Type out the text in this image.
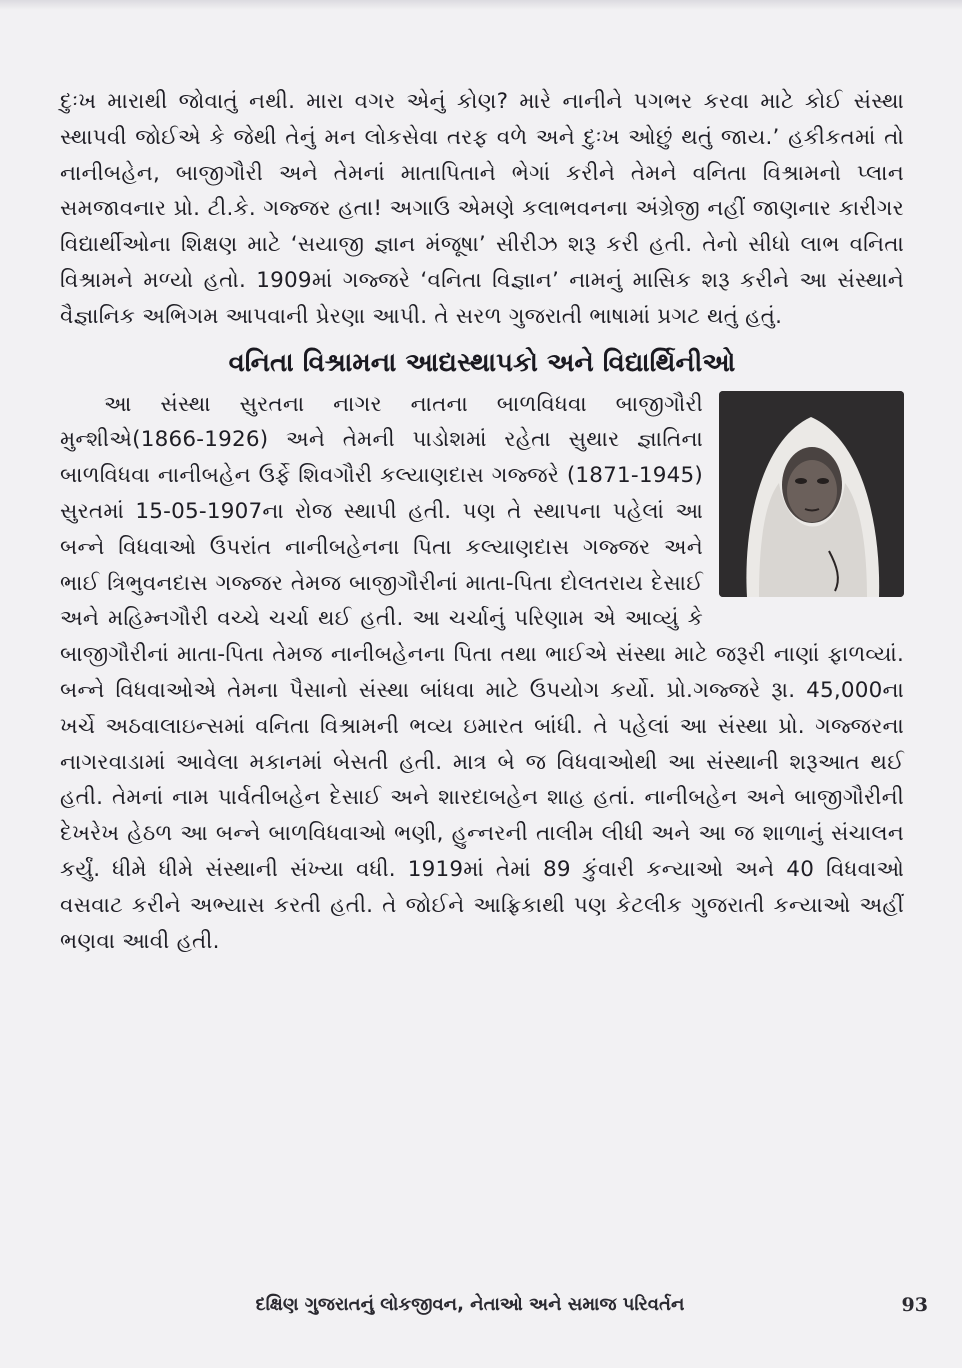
દુઃખ મારાથી જોવાતું નથી. મારા વગર એનું કોણ? મારે નાનીને પગભર કરવા માટે કોઈ સંસ્થા સ્થાપવી જોઈએ કે જેથી તેનું મન લોકસેવા તરફ વળે અને દુઃખ ઓછું થતું જાય.’ હકીકતમાં તો નાનીબહેન, બાજીગૌરી અને તેમનાં માતાપિતાને ભેગાં કરીને તેમને વનિતા વિશ્રામનો પ્લાન સમજાવનાર પ્રો. ટી.કે. ગજ્જર હતા! અગાઉ એમણે કલાભવનના અંગ્રેજી નહીં જાણનાર કારીગર વિદ્યાર્થીઓના શિક્ષણ માટે ‘સયાજી જ્ઞાન મંજૂષા’ સીરીઝ શરૂ કરી હતી. તેનો સીધો લાભ વનિતા વિશ્રામને મળ્યો હતો. 1909માં ગજ્જરે ‘વનિતા વિજ્ઞાન’ નામનું માસિક શરૂ કરીને આ સંસ્થાને વૈજ્ઞાનિક અભિગમ આપવાની પ્રેરણા આપી. તે સરળ ગુજરાતી ભાષામાં પ્રગટ થતું હતું.

વનિતા વિશ્રામના આદ્યસ્થાપકો અને વિદ્યાર્થિનીઓ

આ સંસ્થા સુરતના નાગર નાતના બાળવિધવા બાજીગૌરી મુન્શીએ(1866-1926) અને તેમની પાડોશમાં રહેતા સુથાર જ્ઞાતિના બાળવિધવા નાનીબહેન ઉર્ફે શિવગૌરી કલ્યાણદાસ ગજ્જરે (1871-1945) સુરતમાં 15-05-1907ના રોજ સ્થાપી હતી. પણ તે સ્થાપના પહેલાં આ બન્ને વિધવાઓ ઉપરાંત નાનીબહેનના પિતા કલ્યાણદાસ ગજ્જર અને ભાઈ ત્રિભુવનદાસ ગજ્જર તેમજ બાજીગૌરીનાં માતા-પિતા દોલતરાય દેસાઈ અને મહિમ્નગૌરી વચ્ચે ચર્ચા થઈ હતી. આ ચર્ચાનું પરિણામ એ આવ્યું કે બાજીગૌરીનાં માતા-પિતા તેમજ નાનીબહેનના પિતા તથા ભાઈએ સંસ્થા માટે જરૂરી નાણાં ફાળવ્યાં. બન્ને વિધવાઓએ તેમના પૈસાનો સંસ્થા બાંધવા માટે ઉપયોગ કર્યો. પ્રો.ગજ્જરે રૂા. 45,000ના ખર્ચે અઠવાલાઇન્સમાં વનિતા વિશ્રામની ભવ્ય ઇમારત બાંધી. તે પહેલાં આ સંસ્થા પ્રો. ગજ્જરના નાગરવાડામાં આવેલા મકાનમાં બેસતી હતી. માત્ર બે જ વિધવાઓથી આ સંસ્થાની શરૂઆત થઈ હતી. તેમનાં નામ પાર્વતીબહેન દેસાઈ અને શારદાબહેન શાહ હતાં. નાનીબહેન અને બાજીગૌરીની દેખરેખ હેઠળ આ બન્ને બાળવિધવાઓ ભણી, હુન્નરની તાલીમ લીધી અને આ જ શાળાનું સંચાલન કર્યું. ધીમે ધીમે સંસ્થાની સંખ્યા વધી. 1919માં તેમાં 89 કુંવારી કન્યાઓ અને 40 વિધવાઓ વસવાટ કરીને અભ્યાસ કરતી હતી. તે જોઈને આફ્રિકાથી પણ કેટલીક ગુજરાતી કન્યાઓ અહીં ભણવા આવી હતી.

દક્ષિણ ગુજરાતનું લોકજીવન, નેતાઓ અને સમાજ પરિવર્તન	93
